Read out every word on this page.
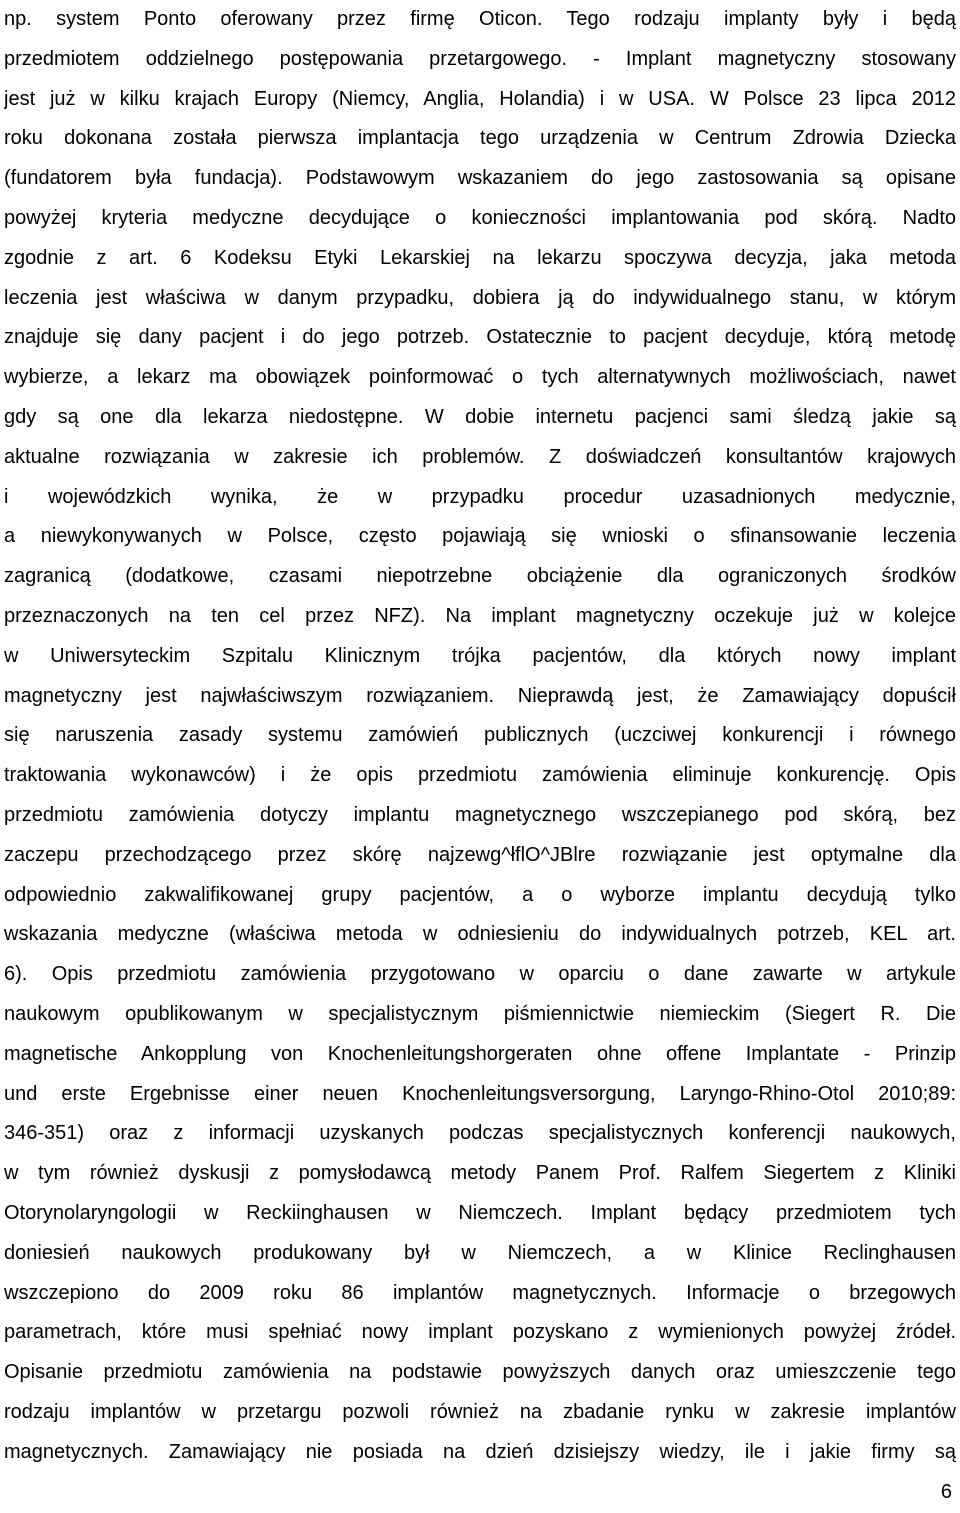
np. system Ponto oferowany przez firmę Oticon. Tego rodzaju implanty były i będą
przedmiotem oddzielnego postępowania przetargowego. - Implant magnetyczny stosowany
jest już w kilku krajach Europy (Niemcy, Anglia, Holandia) i w USA. W Polsce 23 lipca 2012
roku dokonana została pierwsza implantacja tego urządzenia w Centrum Zdrowia Dziecka
(fundatorem była fundacja). Podstawowym wskazaniem do jego zastosowania są opisane
powyżej kryteria medyczne decydujące o konieczności implantowania pod skórą. Nadto
zgodnie z art. 6 Kodeksu Etyki Lekarskiej na lekarzu spoczywa decyzja, jaka metoda
leczenia jest właściwa w danym przypadku, dobiera ją do indywidualnego stanu, w którym
znajduje się dany pacjent i do jego potrzeb. Ostatecznie to pacjent decyduje, którą metodę
wybierze, a lekarz ma obowiązek poinformować o tych alternatywnych możliwościach, nawet
gdy są one dla lekarza niedostępne. W dobie internetu pacjenci sami śledzą jakie są
aktualne rozwiązania w zakresie ich problemów. Z doświadczeń konsultantów krajowych
i wojewódzkich wynika, że w przypadku procedur uzasadnionych medycznie,
a niewykonywanych w Polsce, często pojawiają się wnioski o sfinansowanie leczenia
zagranicą (dodatkowe, czasami niepotrzebne obciążenie dla ograniczonych środków
przeznaczonych na ten cel przez NFZ). Na implant magnetyczny oczekuje już w kolejce
w Uniwersyteckim Szpitalu Klinicznym trójka pacjentów, dla których nowy implant
magnetyczny jest najwłaściwszym rozwiązaniem. Nieprawdą jest, że Zamawiający dopuścił
się naruszenia zasady systemu zamówień publicznych (uczciwej konkurencji i równego
traktowania wykonawców) i że opis przedmiotu zamówienia eliminuje konkurencję. Opis
przedmiotu zamówienia dotyczy implantu magnetycznego wszczepianego pod skórą, bez
zaczepu przechodzącego przez skórę najzewg^łflO^JBlre rozwiązanie jest optymalne dla
odpowiednio zakwalifikowanej grupy pacjentów, a o wyborze implantu decydują tylko
wskazania medyczne (właściwa metoda w odniesieniu do indywidualnych potrzeb, KEL art.
6). Opis przedmiotu zamówienia przygotowano w oparciu o dane zawarte w artykule
naukowym opublikowanym w specjalistycznym piśmiennictwie niemieckim (Siegert R. Die
magnetische Ankopplung von Knochenleitungshorgeraten ohne offene Implantate - Prinzip
und erste Ergebnisse einer neuen Knochenleitungsversorgung, Laryngo-Rhino-Otol 2010;89:
346-351) oraz z informacji uzyskanych podczas specjalistycznych konferencji naukowych,
w tym również dyskusji z pomysłodawcą metody Panem Prof. Ralfem Siegertem z Kliniki
Otorynolaryngologii w Reckiinghausen w Niemczech. Implant będący przedmiotem tych
doniesień naukowych produkowany był w Niemczech, a w Klinice Reclinghausen
wszczepiono do 2009 roku 86 implantów magnetycznych. Informacje o brzegowych
parametrach, które musi spełniać nowy implant pozyskano z wymienionych powyżej źródeł.
Opisanie przedmiotu zamówienia na podstawie powyższych danych oraz umieszczenie tego
rodzaju implantów w przetargu pozwoli również na zbadanie rynku w zakresie implantów
magnetycznych. Zamawiający nie posiada na dzień dzisiejszy wiedzy, ile i jakie firmy są
6
